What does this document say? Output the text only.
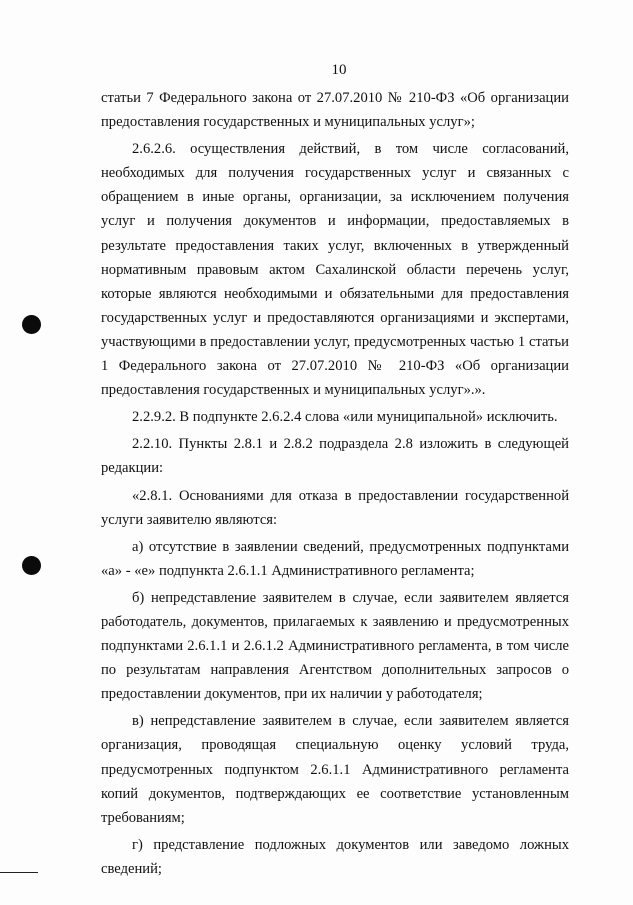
10

статьи 7 Федерального закона от 27.07.2010 № 210-ФЗ «Об организации предоставления государственных и муниципальных услуг»;

2.6.2.6. осуществления действий, в том числе согласований, необходимых для получения государственных услуг и связанных с обращением в иные органы, организации, за исключением получения услуг и получения документов и информации, предоставляемых в результате предоставления таких услуг, включенных в утвержденный нормативным правовым актом Сахалинской области перечень услуг, которые являются необходимыми и обязательными для предоставления государственных услуг и предоставляются организациями и экспертами, участвующими в предоставлении услуг, предусмотренных частью 1 статьи 1 Федерального закона от 27.07.2010 № 210-ФЗ «Об организации предоставления государственных и муниципальных услуг».».

2.2.9.2. В подпункте 2.6.2.4 слова «или муниципальной» исключить.

2.2.10. Пункты 2.8.1 и 2.8.2 подраздела 2.8 изложить в следующей редакции:

«2.8.1. Основаниями для отказа в предоставлении государственной услуги заявителю являются:

а) отсутствие в заявлении сведений, предусмотренных подпунктами «а» - «е» подпункта 2.6.1.1 Административного регламента;

б) непредставление заявителем в случае, если заявителем является работодатель, документов, прилагаемых к заявлению и предусмотренных подпунктами 2.6.1.1 и 2.6.1.2 Административного регламента, в том числе по результатам направления Агентством дополнительных запросов о предоставлении документов, при их наличии у работодателя;

в) непредставление заявителем в случае, если заявителем является организация, проводящая специальную оценку условий труда, предусмотренных подпунктом 2.6.1.1 Административного регламента копий документов, подтверждающих ее соответствие установленным требованиям;

г) представление подложных документов или заведомо ложных сведений;
